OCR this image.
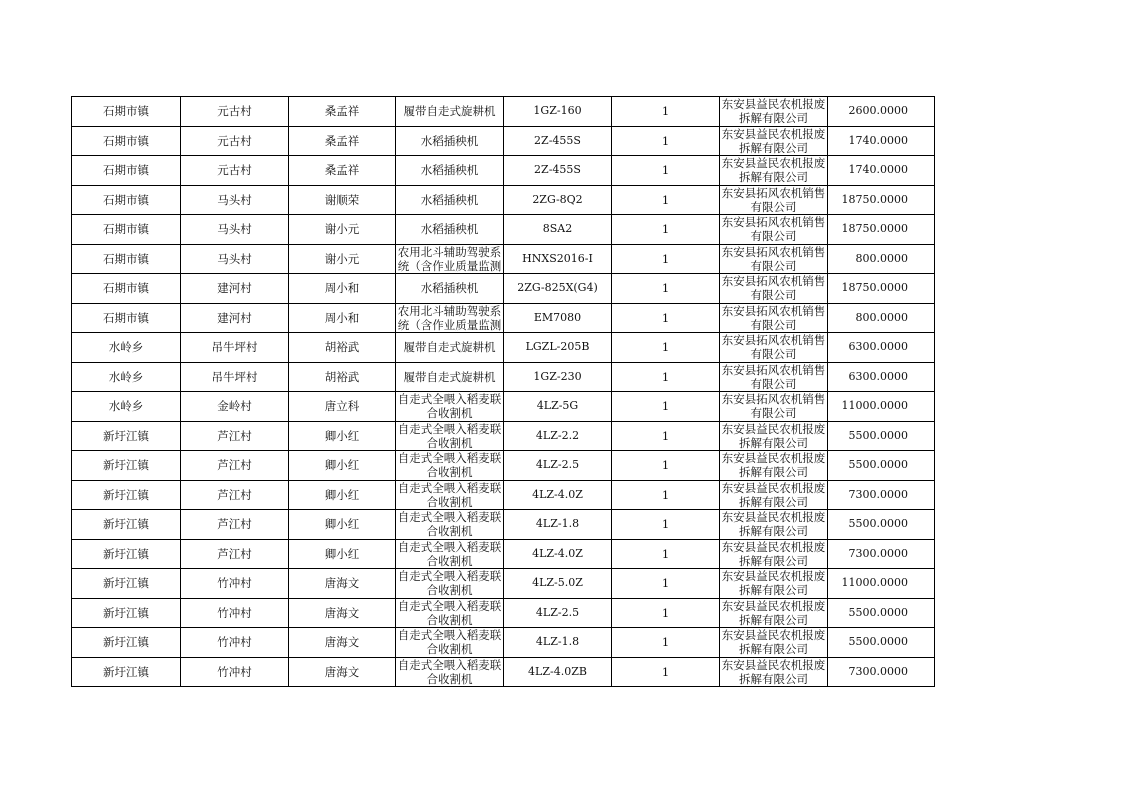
石期市镇	元古村	桑孟祥	履带自走式旋耕机	1GZ-160	1	东安县益民农机报废拆解有限公司	2600.0000
石期市镇	元古村	桑孟祥	水稻插秧机	2Z-455S	1	东安县益民农机报废拆解有限公司	1740.0000
石期市镇	元古村	桑孟祥	水稻插秧机	2Z-455S	1	东安县益民农机报废拆解有限公司	1740.0000
石期市镇	马头村	谢顺荣	水稻插秧机	2ZG-8Q2	1	东安县拓风农机销售有限公司	18750.0000
石期市镇	马头村	谢小元	水稻插秧机	8SA2	1	东安县拓风农机销售有限公司	18750.0000
石期市镇	马头村	谢小元	农用北斗辅助驾驶系统（含作业质量监测	HNXS2016-I	1	东安县拓风农机销售有限公司	800.0000
石期市镇	建河村	周小和	水稻插秧机	2ZG-825X(G4)	1	东安县拓风农机销售有限公司	18750.0000
石期市镇	建河村	周小和	农用北斗辅助驾驶系统（含作业质量监测	EM7080	1	东安县拓风农机销售有限公司	800.0000
水岭乡	吊牛坪村	胡裕武	履带自走式旋耕机	LGZL-205B	1	东安县拓风农机销售有限公司	6300.0000
水岭乡	吊牛坪村	胡裕武	履带自走式旋耕机	1GZ-230	1	东安县拓风农机销售有限公司	6300.0000
水岭乡	金岭村	唐立科	自走式全喂入稻麦联合收割机	4LZ-5G	1	东安县拓风农机销售有限公司	11000.0000
新圩江镇	芦江村	卿小红	自走式全喂入稻麦联合收割机	4LZ-2.2	1	东安县益民农机报废拆解有限公司	5500.0000
新圩江镇	芦江村	卿小红	自走式全喂入稻麦联合收割机	4LZ-2.5	1	东安县益民农机报废拆解有限公司	5500.0000
新圩江镇	芦江村	卿小红	自走式全喂入稻麦联合收割机	4LZ-4.0Z	1	东安县益民农机报废拆解有限公司	7300.0000
新圩江镇	芦江村	卿小红	自走式全喂入稻麦联合收割机	4LZ-1.8	1	东安县益民农机报废拆解有限公司	5500.0000
新圩江镇	芦江村	卿小红	自走式全喂入稻麦联合收割机	4LZ-4.0Z	1	东安县益民农机报废拆解有限公司	7300.0000
新圩江镇	竹冲村	唐海文	自走式全喂入稻麦联合收割机	4LZ-5.0Z	1	东安县益民农机报废拆解有限公司	11000.0000
新圩江镇	竹冲村	唐海文	自走式全喂入稻麦联合收割机	4LZ-2.5	1	东安县益民农机报废拆解有限公司	5500.0000
新圩江镇	竹冲村	唐海文	自走式全喂入稻麦联合收割机	4LZ-1.8	1	东安县益民农机报废拆解有限公司	5500.0000
新圩江镇	竹冲村	唐海文	自走式全喂入稻麦联合收割机	4LZ-4.0ZB	1	东安县益民农机报废拆解有限公司	7300.0000
